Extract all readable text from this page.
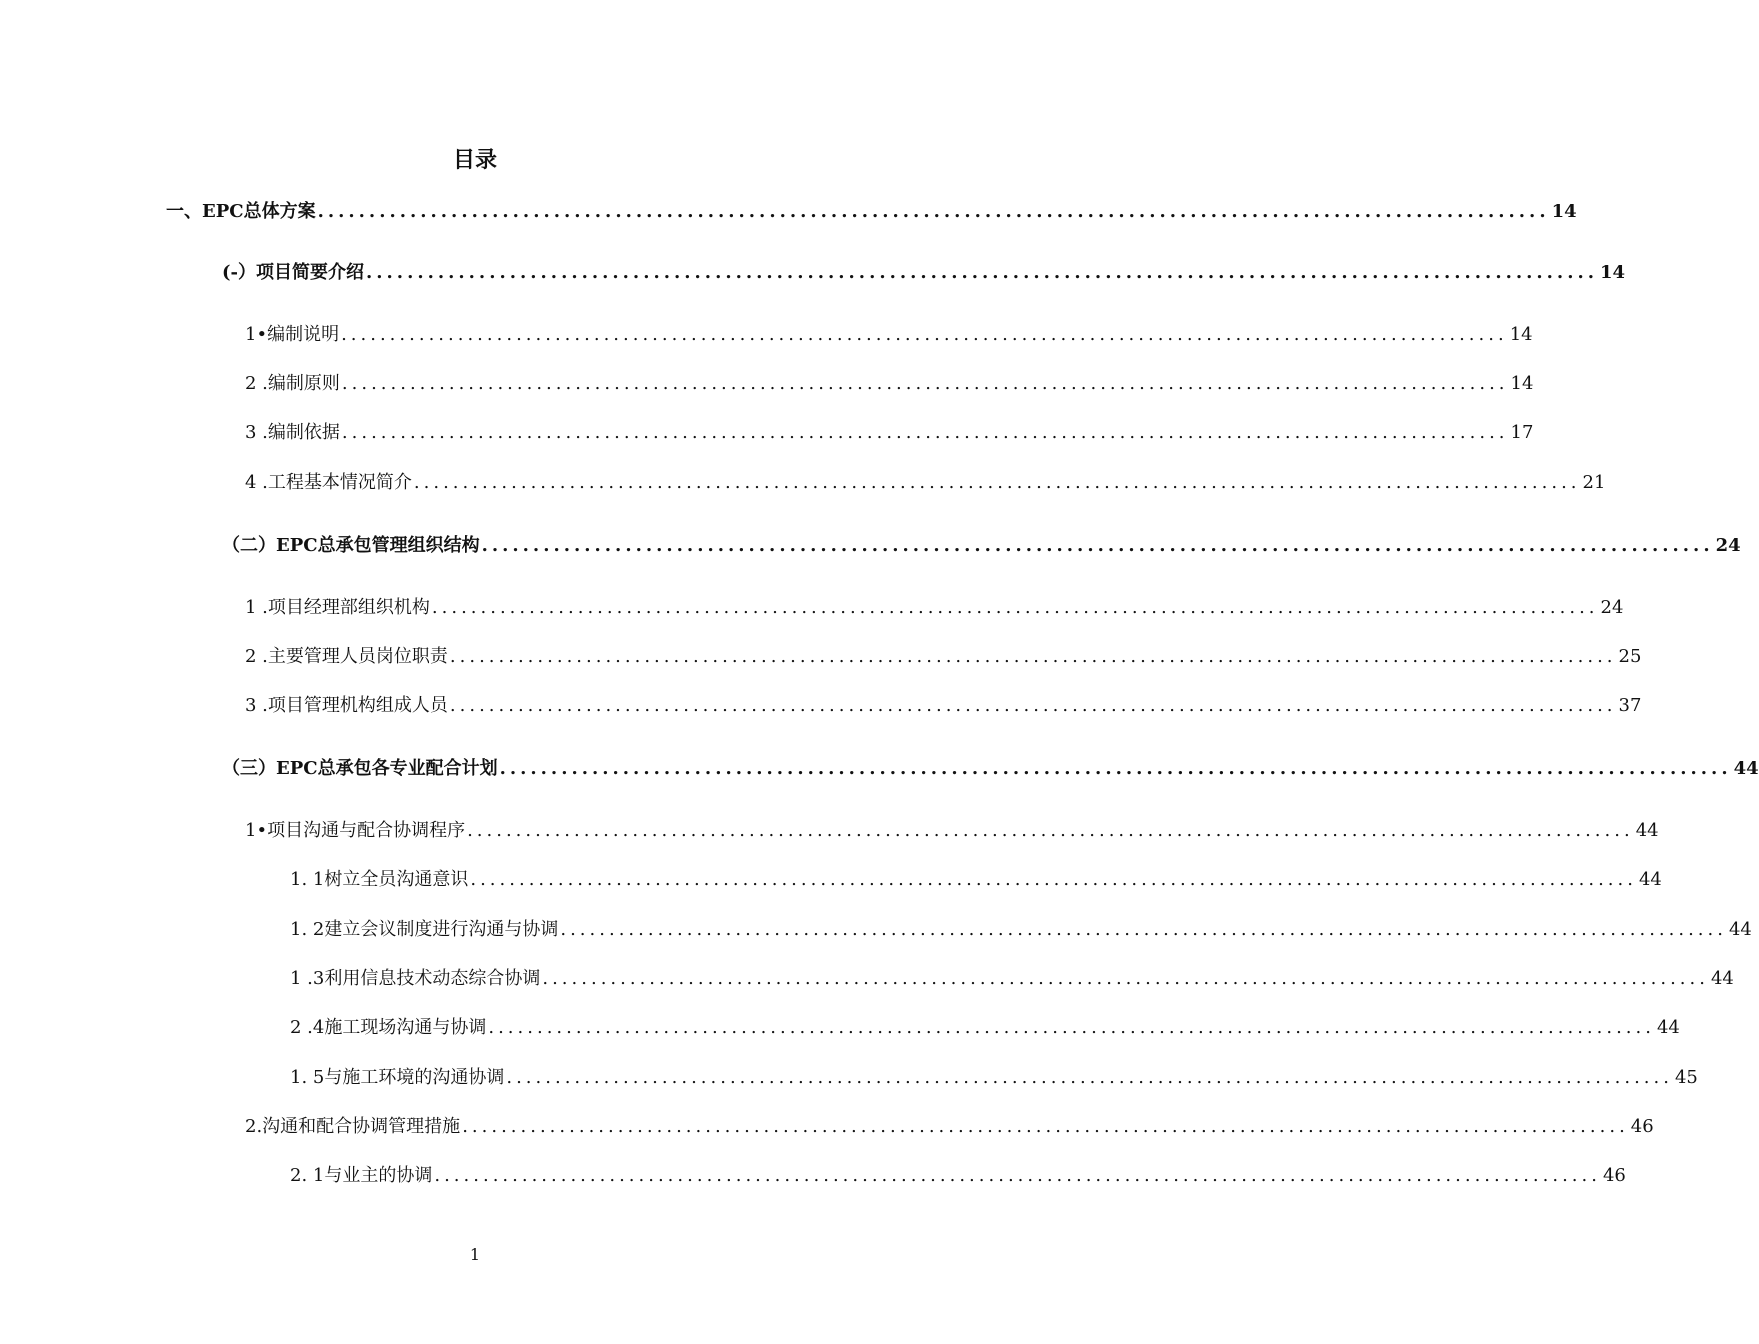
目录
一、EPC总体方案 ........................................................................................................................ 14
(-）项目简要介绍 ........................................................................................................................ 14
1•编制说明 ........................................................................................................................ 14
2 .编制原则 ........................................................................................................................ 14
3 .编制依据 ........................................................................................................................ 17
4 .工程基本情况简介 ........................................................................................................................ 21
（二）EPC总承包管理组织结构 ........................................................................................................................ 24
1 .项目经理部组织机构 ........................................................................................................................ 24
2 .主要管理人员岗位职责 ........................................................................................................................ 25
3 .项目管理机构组成人员 ........................................................................................................................ 37
（三）EPC总承包各专业配合计划 ........................................................................................................................ 44
1•项目沟通与配合协调程序 ........................................................................................................................ 44
1. 1树立全员沟通意识 ........................................................................................................................ 44
1. 2建立会议制度进行沟通与协调 ........................................................................................................................ 44
1 .3利用信息技术动态综合协调 ........................................................................................................................ 44
2 .4施工现场沟通与协调 ........................................................................................................................ 44
1. 5与施工环境的沟通协调 ........................................................................................................................ 45
2.沟通和配合协调管理措施 ........................................................................................................................ 46
2. 1与业主的协调 ........................................................................................................................ 46
1
